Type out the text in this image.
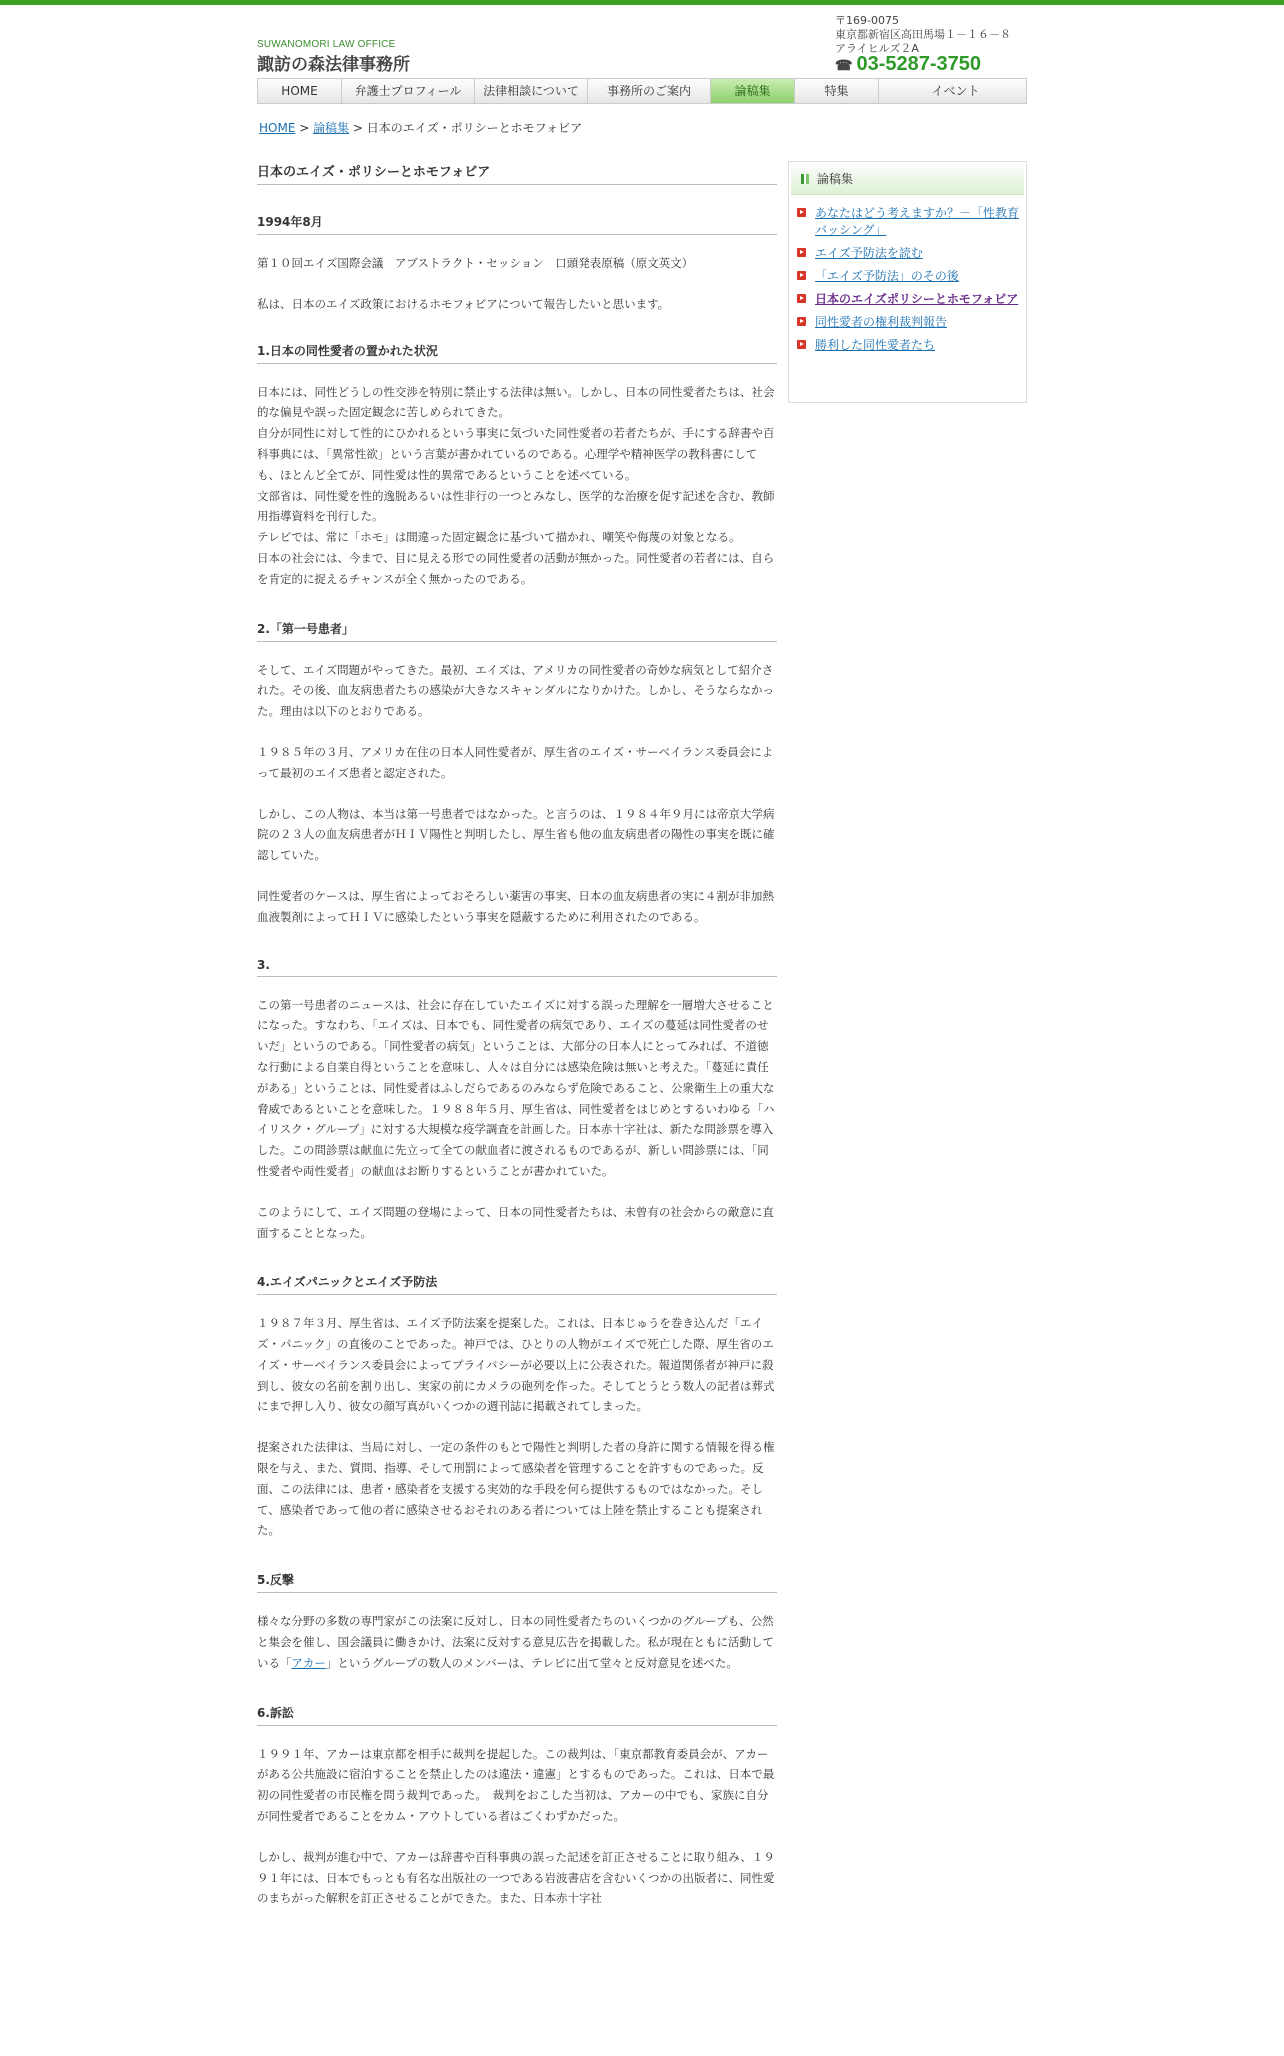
SUWANOMORI LAW OFFICE
諏訪の森法律事務所
〒169-0075
東京都新宿区高田馬場１－１６－８
アライヒルズ２A
☎ 03-5287-3750
HOME	弁護士プロフィール	法律相談について	事務所のご案内	論稿集	特集	イベント
HOME > 論稿集 > 日本のエイズ・ポリシーとホモフォビア
日本のエイズ・ポリシーとホモフォビア
1994年8月

第１０回エイズ国際会議　アブストラクト・セッション　口頭発表原稿（原文英文）

私は、日本のエイズ政策におけるホモフォビアについて報告したいと思います。

1.日本の同性愛者の置かれた状況

日本には、同性どうしの性交渉を特別に禁止する法律は無い。しかし、日本の同性愛者たちは、社会的な偏見や誤った固定観念に苦しめられてきた。

自分が同性に対して性的にひかれるという事実に気づいた同性愛者の若者たちが、手にする辞書や百科事典には、「異常性欲」という言葉が書かれているのである。心理学や精神医学の教科書にしても、ほとんど全てが、同性愛は性的異常であるということを述べている。

文部省は、同性愛を性的逸脱あるいは性非行の一つとみなし、医学的な治療を促す記述を含む、教師用指導資料を刊行した。

テレビでは、常に「ホモ」は間違った固定観念に基づいて描かれ、嘲笑や侮蔑の対象となる。

日本の社会には、今まで、目に見える形での同性愛者の活動が無かった。同性愛者の若者には、自らを肯定的に捉えるチャンスが全く無かったのである。

2.「第一号患者」

そして、エイズ問題がやってきた。最初、エイズは、アメリカの同性愛者の奇妙な病気として紹介された。その後、血友病患者たちの感染が大きなスキャンダルになりかけた。しかし、そうならなかった。理由は以下のとおりである。

１９８５年の３月、アメリカ在住の日本人同性愛者が、厚生省のエイズ・サーベイランス委員会によって最初のエイズ患者と認定された。

しかし、この人物は、本当は第一号患者ではなかった。と言うのは、１９８４年９月には帝京大学病院の２３人の血友病患者がＨＩＶ陽性と判明したし、厚生省も他の血友病患者の陽性の事実を既に確認していた。

同性愛者のケースは、厚生省によっておそろしい薬害の事実、日本の血友病患者の実に４割が非加熱血液製剤によってＨＩＶに感染したという事実を隠蔽するために利用されたのである。

3.

この第一号患者のニュースは、社会に存在していたエイズに対する誤った理解を一層増大させることになった。すなわち、「エイズは、日本でも、同性愛者の病気であり、エイズの蔓延は同性愛者のせいだ」というのである。「同性愛者の病気」ということは、大部分の日本人にとってみれば、不道徳な行動による自業自得ということを意味し、人々は自分には感染危険は無いと考えた。「蔓延に責任がある」ということは、同性愛者はふしだらであるのみならず危険であること、公衆衛生上の重大な脅威であるといことを意味した。１９８８年５月、厚生省は、同性愛者をはじめとするいわゆる「ハイリスク・グループ」に対する大規模な疫学調査を計画した。日本赤十字社は、新たな問診票を導入した。この問診票は献血に先立って全ての献血者に渡されるものであるが、新しい問診票には、「同性愛者や両性愛者」の献血はお断りするということが書かれていた。

このようにして、エイズ問題の登場によって、日本の同性愛者たちは、未曾有の社会からの敵意に直面することとなった。

4.エイズパニックとエイズ予防法

１９８７年３月、厚生省は、エイズ予防法案を提案した。これは、日本じゅうを巻き込んだ「エイズ・パニック」の直後のことであった。神戸では、ひとりの人物がエイズで死亡した際、厚生省のエイズ・サーベイランス委員会によってプライバシーが必要以上に公表された。報道関係者が神戸に殺到し、彼女の名前を割り出し、実家の前にカメラの砲列を作った。そしてとうとう数人の記者は葬式にまで押し入り、彼女の顔写真がいくつかの週刊誌に掲載されてしまった。

提案された法律は、当局に対し、一定の条件のもとで陽性と判明した者の身許に関する情報を得る権限を与え、また、質問、指導、そして刑罰によって感染者を管理することを許すものであった。反面、この法律には、患者・感染者を支援する実効的な手段を何ら提供するものではなかった。そして、感染者であって他の者に感染させるおそれのある者については上陸を禁止することも提案された。

5.反撃

様々な分野の多数の専門家がこの法案に反対し、日本の同性愛者たちのいくつかのグループも、公然と集会を催し、国会議員に働きかけ、法案に反対する意見広告を掲載した。私が現在ともに活動している「アカー」というグループの数人のメンバーは、テレビに出て堂々と反対意見を述べた。

6.訴訟

１９９１年、アカーは東京都を相手に裁判を提起した。この裁判は、「東京都教育委員会が、アカーがある公共施設に宿泊することを禁止したのは違法・違憲」とするものであった。これは、日本で最初の同性愛者の市民権を問う裁判であった。　裁判をおこした当初は、アカーの中でも、家族に自分が同性愛者であることをカム・アウトしている者はごくわずかだった。

しかし、裁判が進む中で、アカーは辞書や百科事典の誤った記述を訂正させることに取り組み、１９９１年には、日本でもっとも有名な出版社の一つである岩波書店を含むいくつかの出版者に、同性愛のまちがった解釈を訂正させることができた。また、日本赤十字社

論稿集
あなたはどう考えますか？－「性教育バッシング」
エイズ予防法を読む
「エイズ予防法」のその後
日本のエイズポリシーとホモフォビア
同性愛者の権利裁判報告
勝利した同性愛者たち
